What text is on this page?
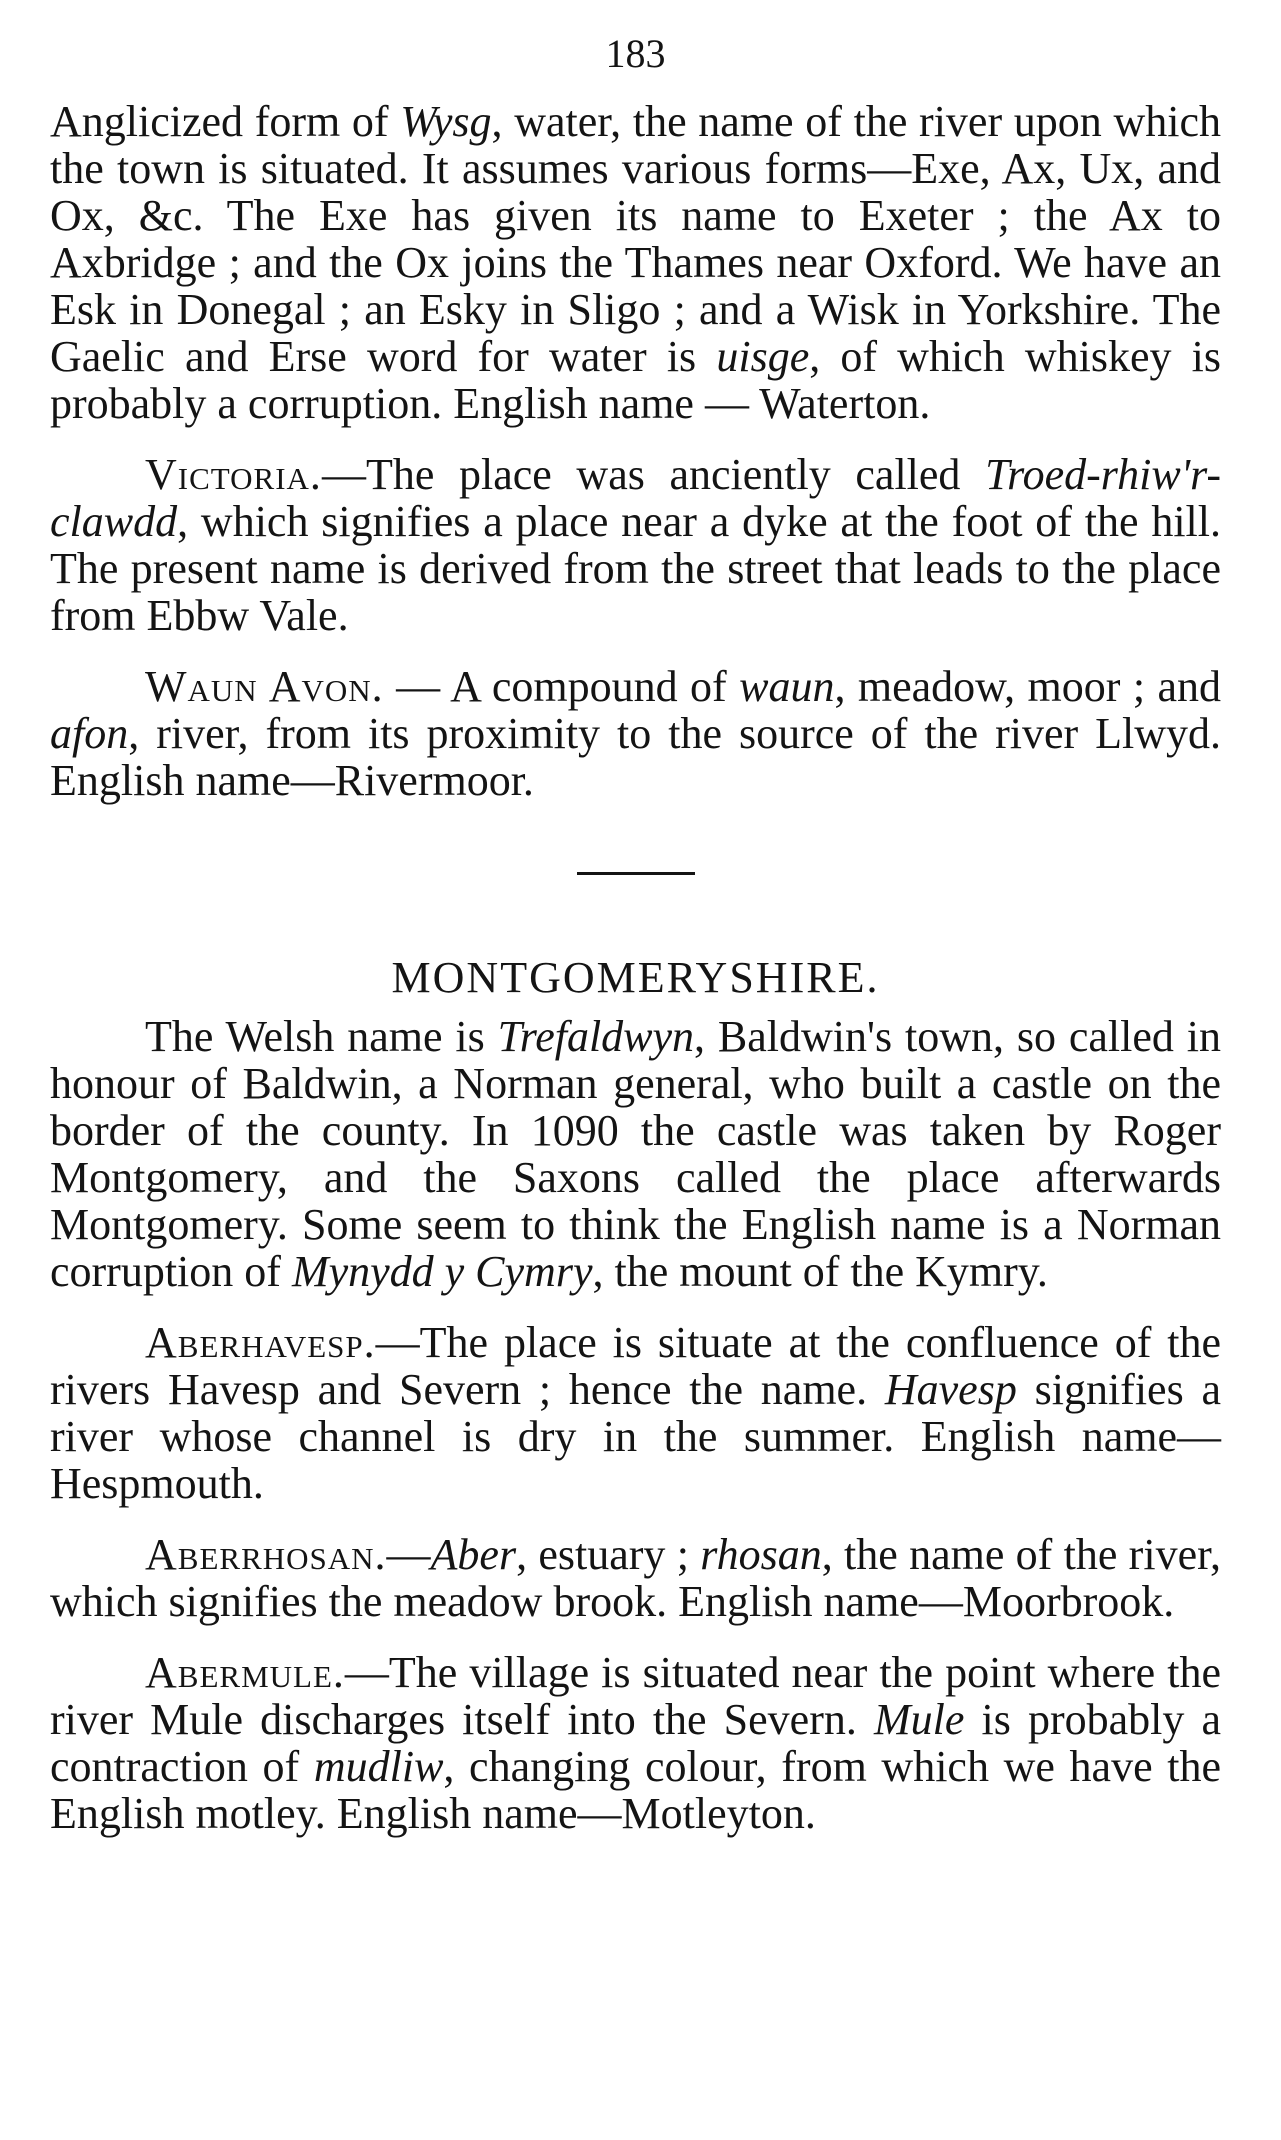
183

Anglicized form of Wysg, water, the name of the river upon which the town is situated. It assumes various forms—Exe, Ax, Ux, and Ox, &c. The Exe has given its name to Exeter ; the Ax to Axbridge ; and the Ox joins the Thames near Oxford. We have an Esk in Donegal ; an Esky in Sligo ; and a Wisk in Yorkshire. The Gaelic and Erse word for water is uisge, of which whiskey is probably a corruption. English name — Waterton.

Victoria.—The place was anciently called Troed-rhiw'r-clawdd, which signifies a place near a dyke at the foot of the hill. The present name is derived from the street that leads to the place from Ebbw Vale.

Waun Avon. — A compound of waun, meadow, moor ; and afon, river, from its proximity to the source of the river Llwyd. English name—Rivermoor.

MONTGOMERYSHIRE.

The Welsh name is Trefaldwyn, Baldwin's town, so called in honour of Baldwin, a Norman general, who built a castle on the border of the county. In 1090 the castle was taken by Roger Montgomery, and the Saxons called the place afterwards Montgomery. Some seem to think the English name is a Norman corruption of Mynydd y Cymry, the mount of the Kymry.

Aberhavesp.—The place is situate at the confluence of the rivers Havesp and Severn ; hence the name. Havesp signifies a river whose channel is dry in the summer. English name—Hespmouth.

Aberrhosan.—Aber, estuary ; rhosan, the name of the river, which signifies the meadow brook. English name—Moorbrook.

Abermule.—The village is situated near the point where the river Mule discharges itself into the Severn. Mule is probably a contraction of mudliw, changing colour, from which we have the English motley. English name—Motleyton.
